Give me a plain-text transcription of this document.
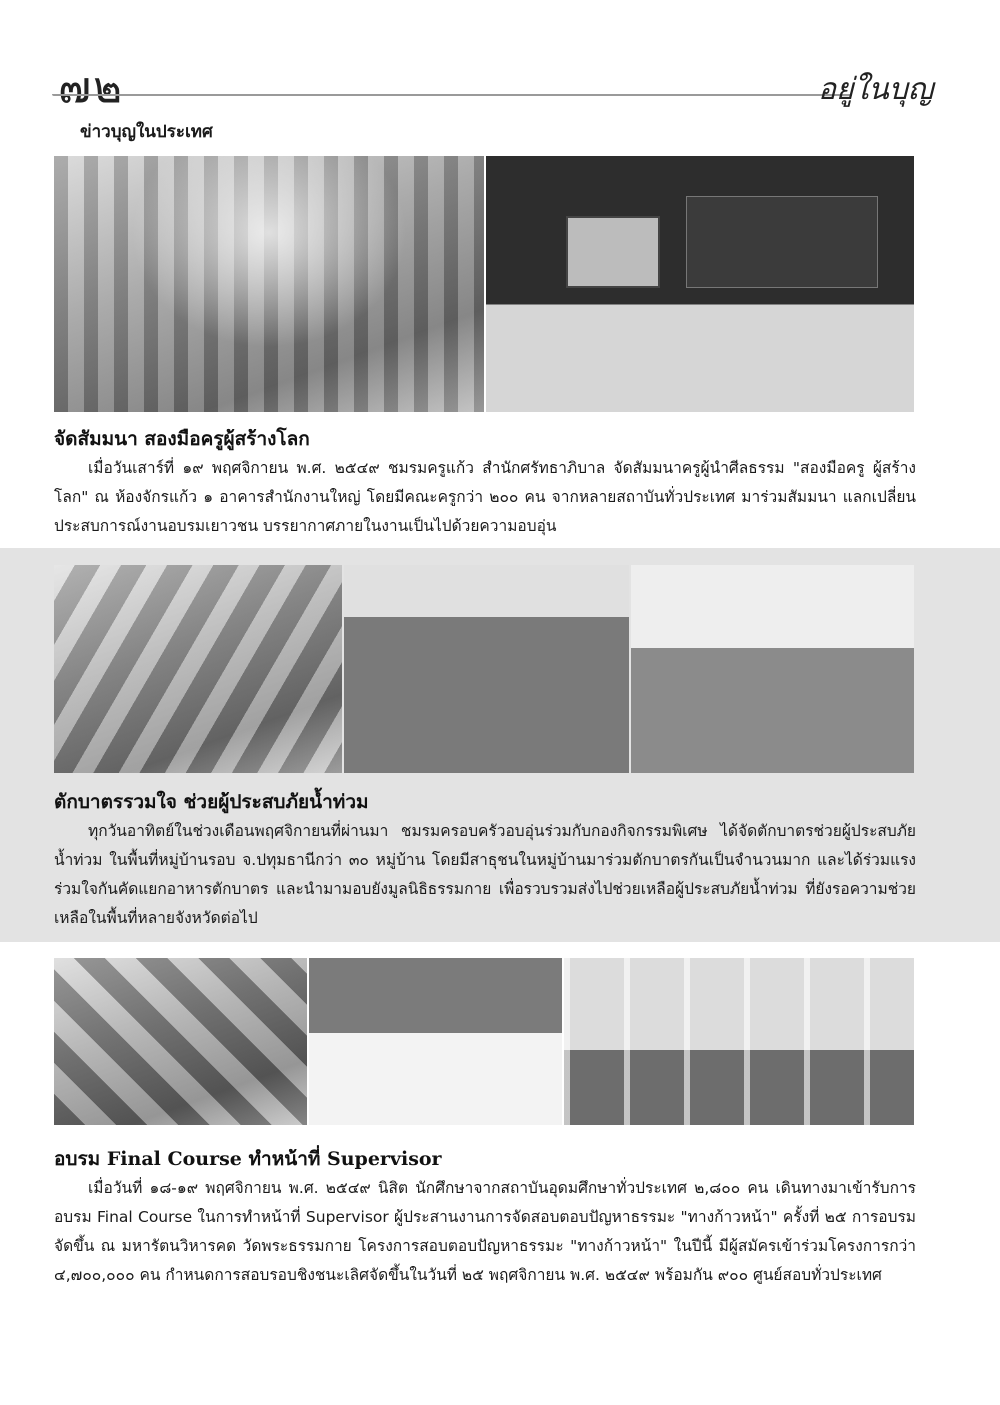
๗๒	อยู่ในบุญ
ข่าวบุญในประเทศ
จัดสัมมนา สองมือครูผู้สร้างโลก

เมื่อวันเสาร์ที่ ๑๙ พฤศจิกายน พ.ศ. ๒๕๔๙ ชมรมครูแก้ว สำนักศรัทธาภิบาล จัดสัมมนาครูผู้นำศีลธรรม "สองมือครู ผู้สร้างโลก" ณ ห้องจักรแก้ว ๑ อาคารสำนักงานใหญ่ โดยมีคณะครูกว่า ๒๐๐ คน จากหลายสถาบันทั่วประเทศ มาร่วมสัมมนา แลกเปลี่ยนประสบการณ์งานอบรมเยาวชน บรรยากาศภายในงานเป็นไปด้วยความอบอุ่น

ตักบาตรรวมใจ ช่วยผู้ประสบภัยน้ำท่วม

ทุกวันอาทิตย์ในช่วงเดือนพฤศจิกายนที่ผ่านมา ชมรมครอบครัวอบอุ่นร่วมกับกองกิจกรรมพิเศษ ได้จัดตักบาตรช่วยผู้ประสบภัยน้ำท่วม ในพื้นที่หมู่บ้านรอบ จ.ปทุมธานีกว่า ๓๐ หมู่บ้าน โดยมีสาธุชนในหมู่บ้านมาร่วมตักบาตรกันเป็นจำนวนมาก และได้ร่วมแรงร่วมใจกันคัดแยกอาหารตักบาตร และนำมามอบยังมูลนิธิธรรมกาย เพื่อรวบรวมส่งไปช่วยเหลือผู้ประสบภัยน้ำท่วม ที่ยังรอความช่วยเหลือในพื้นที่หลายจังหวัดต่อไป

อบรม Final Course ทำหน้าที่ Supervisor

เมื่อวันที่ ๑๘-๑๙ พฤศจิกายน พ.ศ. ๒๕๔๙ นิสิต นักศึกษาจากสถาบันอุดมศึกษาทั่วประเทศ ๒,๘๐๐ คน เดินทางมาเข้ารับการอบรม Final Course ในการทำหน้าที่ Supervisor ผู้ประสานงานการจัดสอบตอบปัญหาธรรมะ "ทางก้าวหน้า" ครั้งที่ ๒๕ การอบรมจัดขึ้น ณ มหารัตนวิหารคด วัดพระธรรมกาย โครงการสอบตอบปัญหาธรรมะ "ทางก้าวหน้า" ในปีนี้ มีผู้สมัครเข้าร่วมโครงการกว่า ๔,๗๐๐,๐๐๐ คน กำหนดการสอบรอบชิงชนะเลิศจัดขึ้นในวันที่ ๒๕ พฤศจิกายน พ.ศ. ๒๕๔๙ พร้อมกัน ๙๐๐ ศูนย์สอบทั่วประเทศ
